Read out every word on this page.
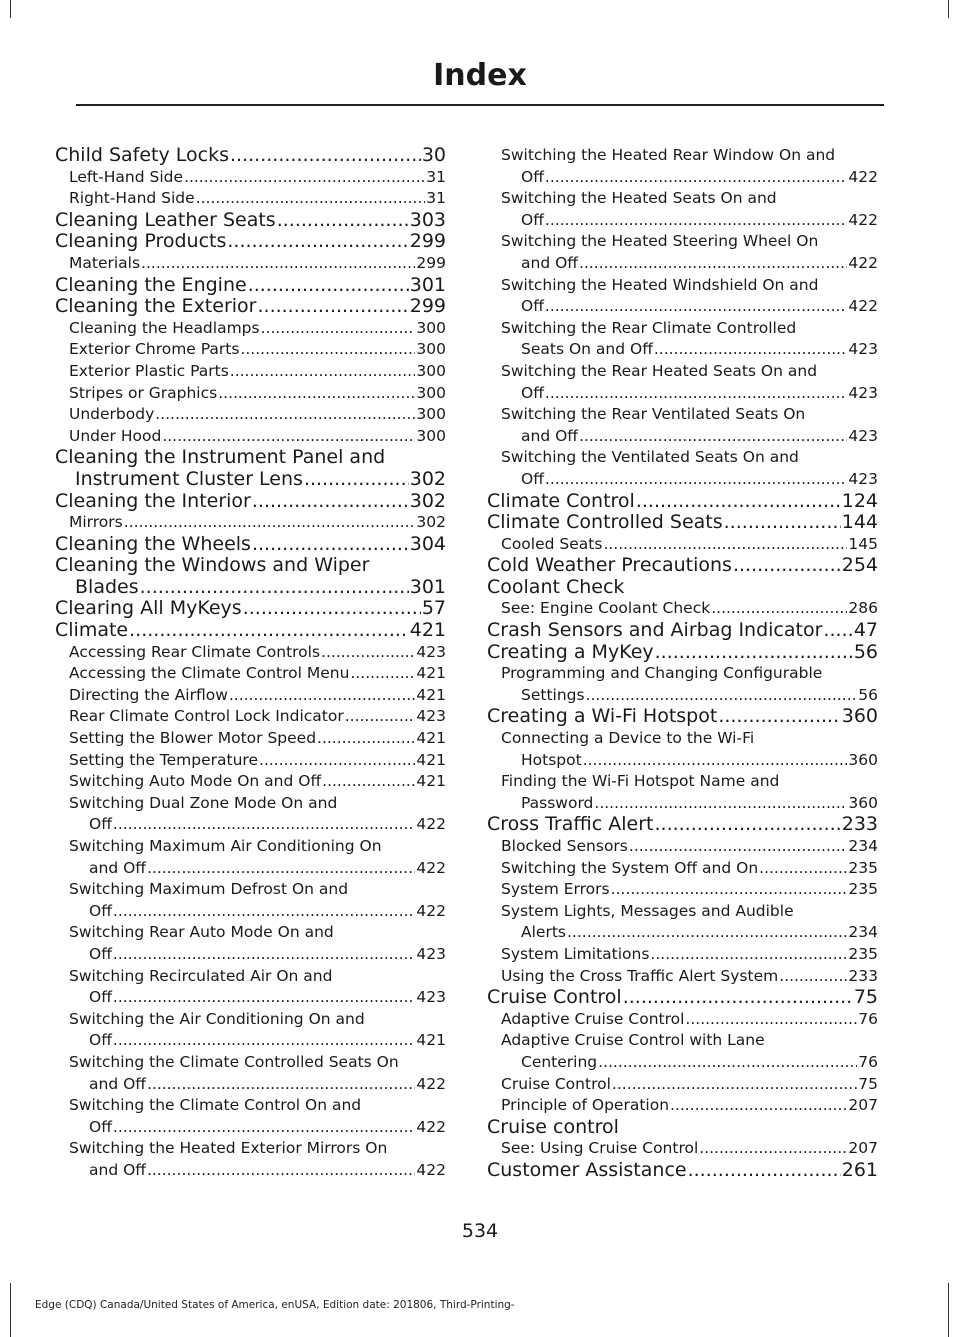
Index
Child Safety Locks .....	30
Left-Hand Side .....	31
Right-Hand Side .....	31
Cleaning Leather Seats .....	303
Cleaning Products .....	299
Materials .....	299
Cleaning the Engine .....	301
Cleaning the Exterior .....	299
Cleaning the Headlamps .....	300
Exterior Chrome Parts .....	300
Exterior Plastic Parts .....	300
Stripes or Graphics .....	300
Underbody .....	300
Under Hood .....	300
Cleaning the Instrument Panel and
Instrument Cluster Lens .....	302
Cleaning the Interior .....	302
Mirrors .....	302
Cleaning the Wheels .....	304
Cleaning the Windows and Wiper
Blades .....	301
Clearing All MyKeys .....	57
Climate .....	421
Accessing Rear Climate Controls .....	423
Accessing the Climate Control Menu .....	421
Directing the Airflow .....	421
Rear Climate Control Lock Indicator .....	423
Setting the Blower Motor Speed .....	421
Setting the Temperature .....	421
Switching Auto Mode On and Off .....	421
Switching Dual Zone Mode On and
Off .....	422
Switching Maximum Air Conditioning On
and Off .....	422
Switching Maximum Defrost On and
Off .....	422
Switching Rear Auto Mode On and
Off .....	423
Switching Recirculated Air On and
Off .....	423
Switching the Air Conditioning On and
Off .....	421
Switching the Climate Controlled Seats On
and Off .....	422
Switching the Climate Control On and
Off .....	422
Switching the Heated Exterior Mirrors On
and Off .....	422
Switching the Heated Rear Window On and
Off .....	422
Switching the Heated Seats On and
Off .....	422
Switching the Heated Steering Wheel On
and Off .....	422
Switching the Heated Windshield On and
Off .....	422
Switching the Rear Climate Controlled
Seats On and Off .....	423
Switching the Rear Heated Seats On and
Off .....	423
Switching the Rear Ventilated Seats On
and Off .....	423
Switching the Ventilated Seats On and
Off .....	423
Climate Control .....	124
Climate Controlled Seats .....	144
Cooled Seats .....	145
Cold Weather Precautions .....	254
Coolant Check
See: Engine Coolant Check .....	286
Crash Sensors and Airbag Indicator ..... 47
Creating a MyKey .....	56
Programming and Changing Configurable
Settings .....	56
Creating a Wi-Fi Hotspot .....	360
Connecting a Device to the Wi-Fi
Hotspot .....	360
Finding the Wi-Fi Hotspot Name and
Password .....	360
Cross Traffic Alert .....	233
Blocked Sensors .....	234
Switching the System Off and On .....	235
System Errors .....	235
System Lights, Messages and Audible
Alerts .....	234
System Limitations .....	235
Using the Cross Traffic Alert System .....	233
Cruise Control .....	75
Adaptive Cruise Control .....	76
Adaptive Cruise Control with Lane
Centering .....	76
Cruise Control .....	75
Principle of Operation .....	207
Cruise control
See: Using Cruise Control .....	207
Customer Assistance .....	261
534
Edge (CDQ) Canada/United States of America, enUSA, Edition date: 201806, Third-Printing-
